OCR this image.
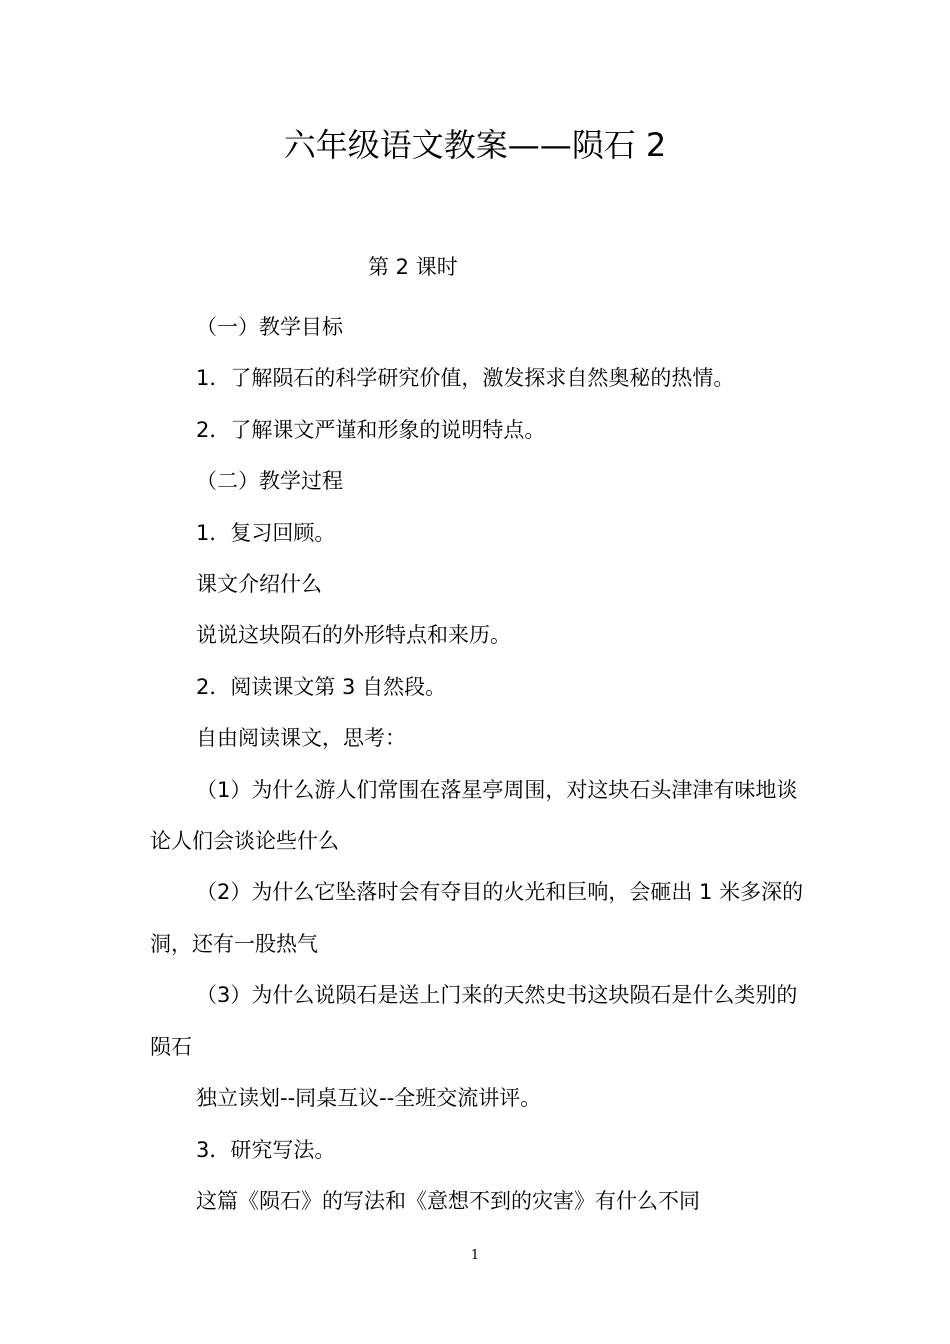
六年级语文教案——陨石 2
第 2 课时

（一）教学目标

1．了解陨石的科学研究价值，激发探求自然奥秘的热情。

2．了解课文严谨和形象的说明特点。

（二）教学过程

1．复习回顾。

课文介绍什么

说说这块陨石的外形特点和来历。

2．阅读课文第 3 自然段。

自由阅读课文，思考：

（1）为什么游人们常围在落星亭周围，对这块石头津津有味地谈论人们会谈论些什么

（2）为什么它坠落时会有夺目的火光和巨响，会砸出 1 米多深的洞，还有一股热气

（3）为什么说陨石是送上门来的天然史书这块陨石是什么类别的陨石

独立读划--同桌互议--全班交流讲评。

3．研究写法。

这篇《陨石》的写法和《意想不到的灾害》有什么不同

1
